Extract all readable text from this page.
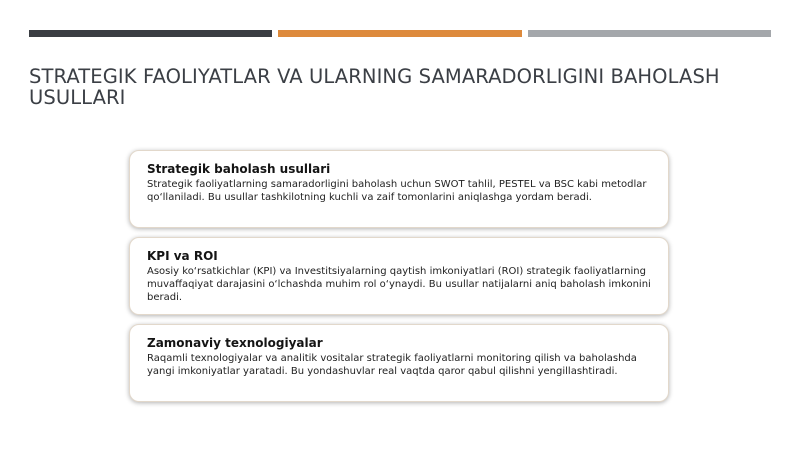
STRATEGIK FAOLIYATLAR VA ULARNING SAMARADORLIGINI BAHOLASH USULLARI
Strategik baholash usullari

Strategik faoliyatlarning samaradorligini baholash uchun SWOT tahlil, PESTEL va BSC kabi metodlar qo‘llaniladi. Bu usullar tashkilotning kuchli va zaif tomonlarini aniqlashga yordam beradi.

KPI va ROI

Asosiy ko‘rsatkichlar (KPI) va Investitsiyalarning qaytish imkoniyatlari (ROI) strategik faoliyatlarning muvaffaqiyat darajasini o‘lchashda muhim rol o‘ynaydi. Bu usullar natijalarni aniq baholash imkonini beradi.

Zamonaviy texnologiyalar

Raqamli texnologiyalar va analitik vositalar strategik faoliyatlarni monitoring qilish va baholashda yangi imkoniyatlar yaratadi. Bu yondashuvlar real vaqtda qaror qabul qilishni yengillashtiradi.
